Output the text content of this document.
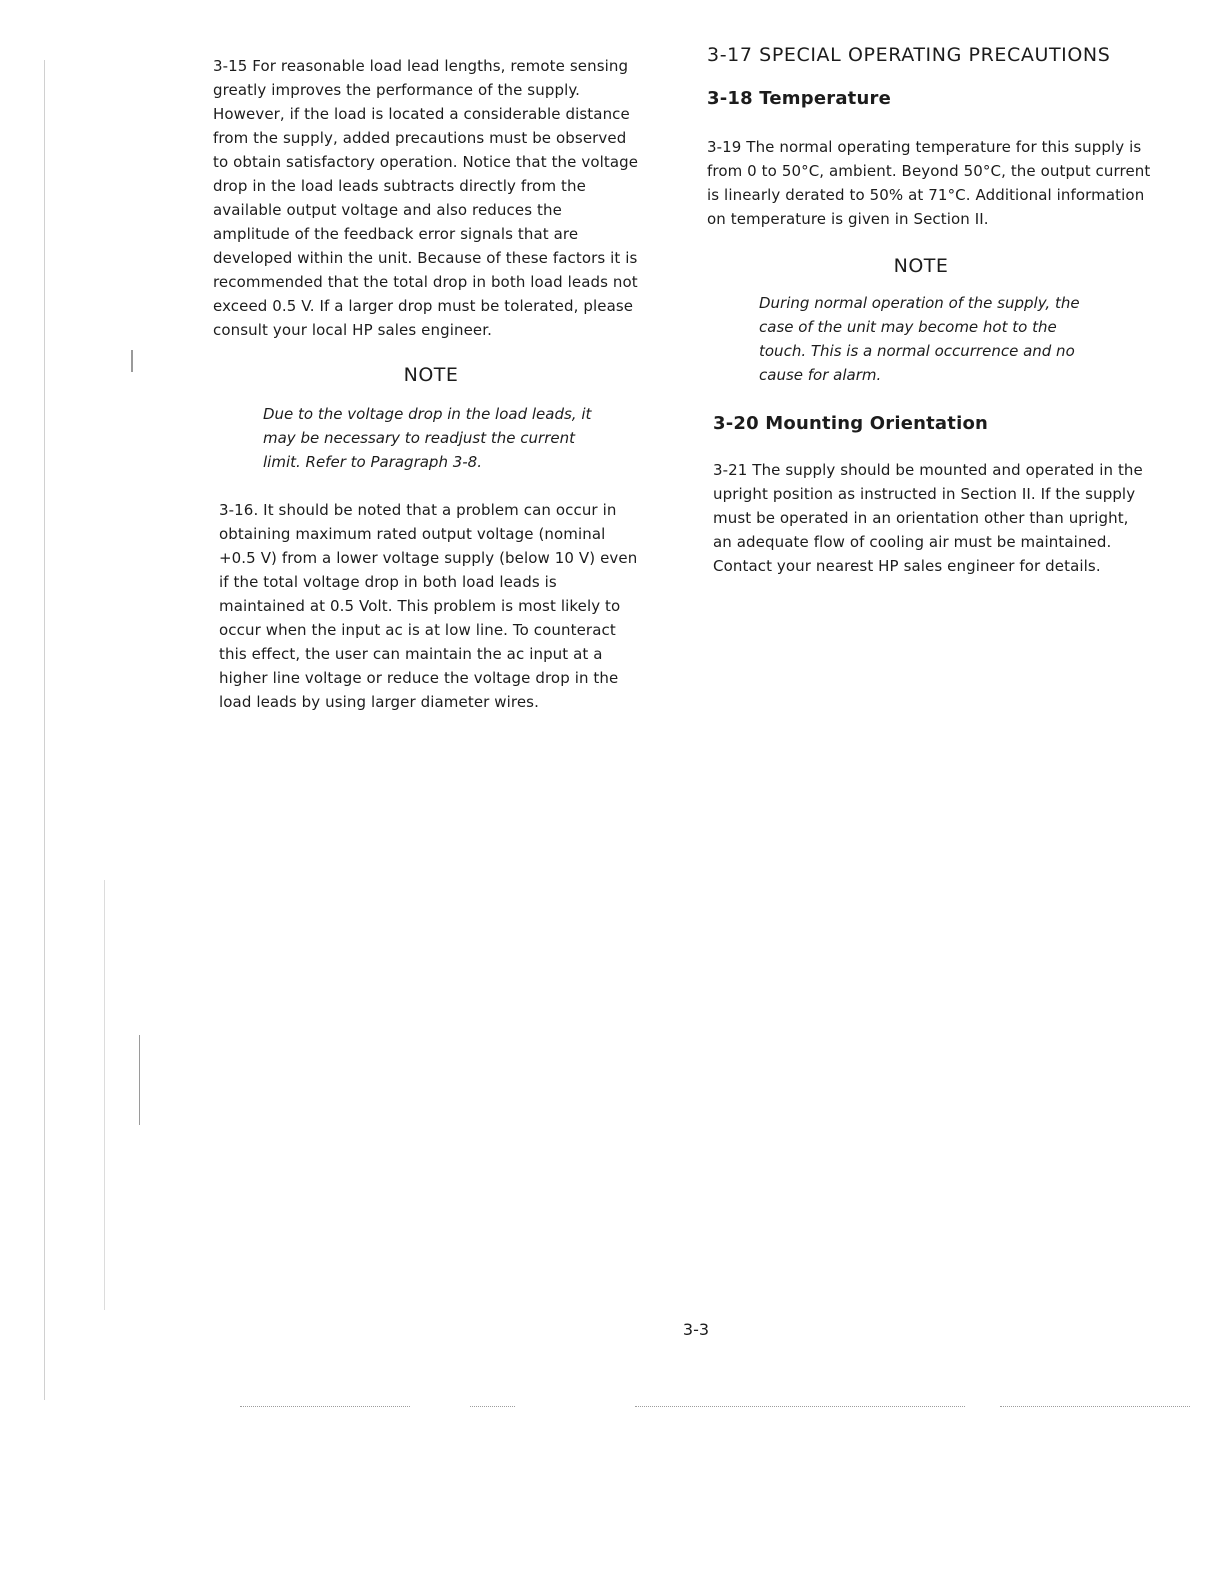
3-15 For reasonable load lead lengths, remote sensing greatly improves the performance of the supply. However, if the load is located a considerable distance from the supply, added precautions must be observed to obtain satisfactory operation. Notice that the voltage drop in the load leads subtracts directly from the available output voltage and also reduces the amplitude of the feedback error signals that are developed within the unit. Because of these factors it is recommended that the total drop in both load leads not exceed 0.5 V. If a larger drop must be tolerated, please consult your local HP sales engineer.

NOTE

Due to the voltage drop in the load leads, it may be necessary to readjust the current limit. Refer to Paragraph 3-8.

3-16. It should be noted that a problem can occur in obtaining maximum rated output voltage (nominal +0.5 V) from a lower voltage supply (below 10 V) even if the total voltage drop in both load leads is maintained at 0.5 Volt. This problem is most likely to occur when the input ac is at low line. To counteract this effect, the user can maintain the ac input at a higher line voltage or reduce the voltage drop in the load leads by using larger diameter wires.

3-17 SPECIAL OPERATING PRECAUTIONS
3-18 Temperature

3-19 The normal operating temperature for this supply is from 0 to 50°C, ambient. Beyond 50°C, the output current is linearly derated to 50% at 71°C. Additional information on temperature is given in Section II.

NOTE

During normal operation of the supply, the case of the unit may become hot to the touch. This is a normal occurrence and no cause for alarm.

3-20 Mounting Orientation

3-21 The supply should be mounted and operated in the upright position as instructed in Section II. If the supply must be operated in an orientation other than upright, an adequate flow of cooling air must be maintained. Contact your nearest HP sales engineer for details.

3-3
